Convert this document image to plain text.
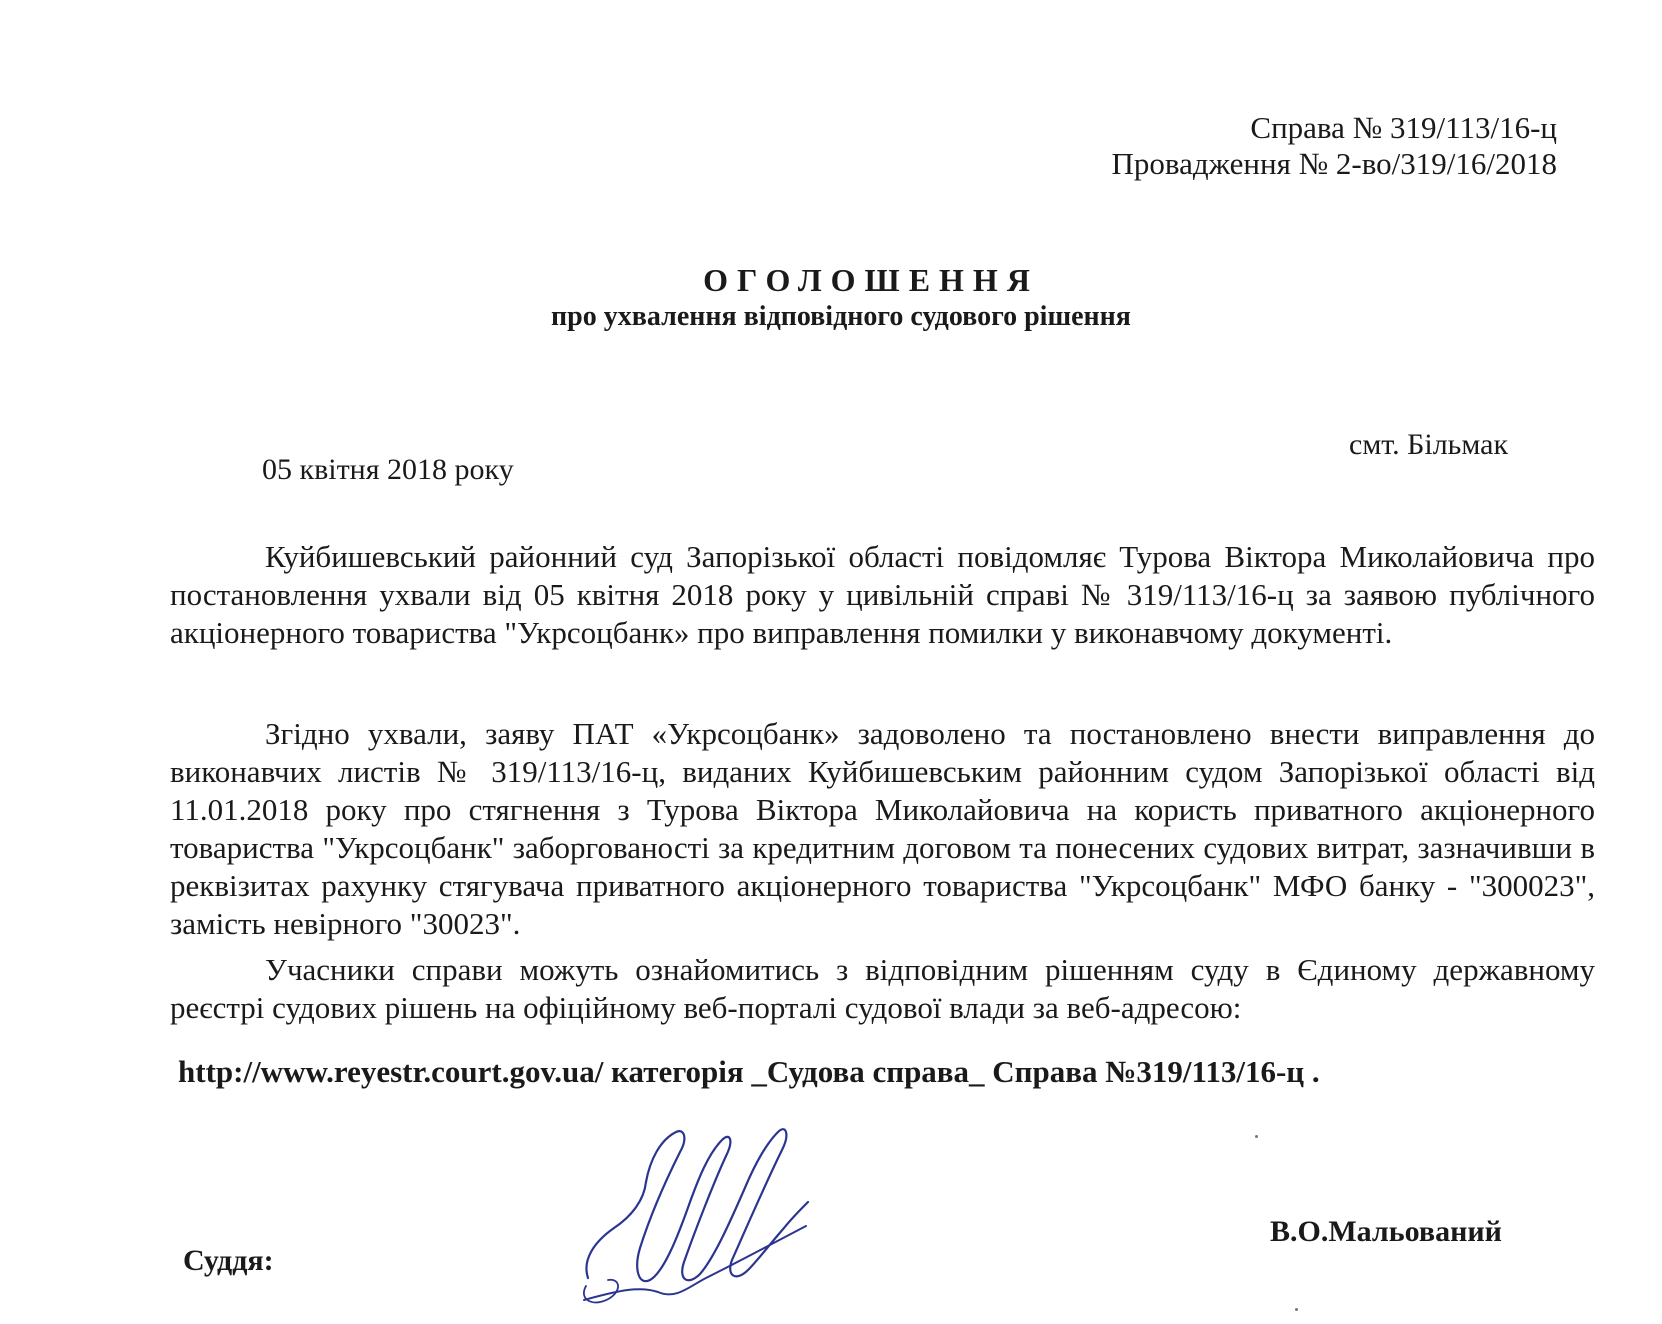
Справа № 319/113/16-ц
Провадження № 2-во/319/16/2018
ОГОЛОШЕННЯ
про ухвалення відповідного судового рішення
05 квітня 2018 року
смт. Більмак

Куйбишевський районний суд Запорізької області повідомляє Турова Віктора Миколайовича про постановлення ухвали від 05 квітня 2018 року у цивільній справі № 319/113/16-ц за заявою публічного акціонерного товариства "Укрсоцбанк» про виправлення помилки у виконавчому документі.

Згідно ухвали, заяву ПАТ «Укрсоцбанк» задоволено та постановлено внести виправлення до виконавчих листів № 319/113/16-ц, виданих Куйбишевським районним судом Запорізької області від 11.01.2018 року про стягнення з Турова Віктора Миколайовича на користь приватного акціонерного товариства "Укрсоцбанк" заборгованості за кредитним договом та понесених судових витрат, зазначивши в реквізитах рахунку стягувача приватного акціонерного товариства "Укрсоцбанк" МФО банку - "300023", замість невірного "30023".

Учасники справи можуть ознайомитись з відповідним рішенням суду в Єдиному державному реєстрі судових рішень на офіційному веб-порталі судової влади за веб-адресою:

http://www.reyestr.court.gov.ua/ категорія _Судова справа_ Справа №319/113/16-ц .
Суддя:
В.О.Мальований
